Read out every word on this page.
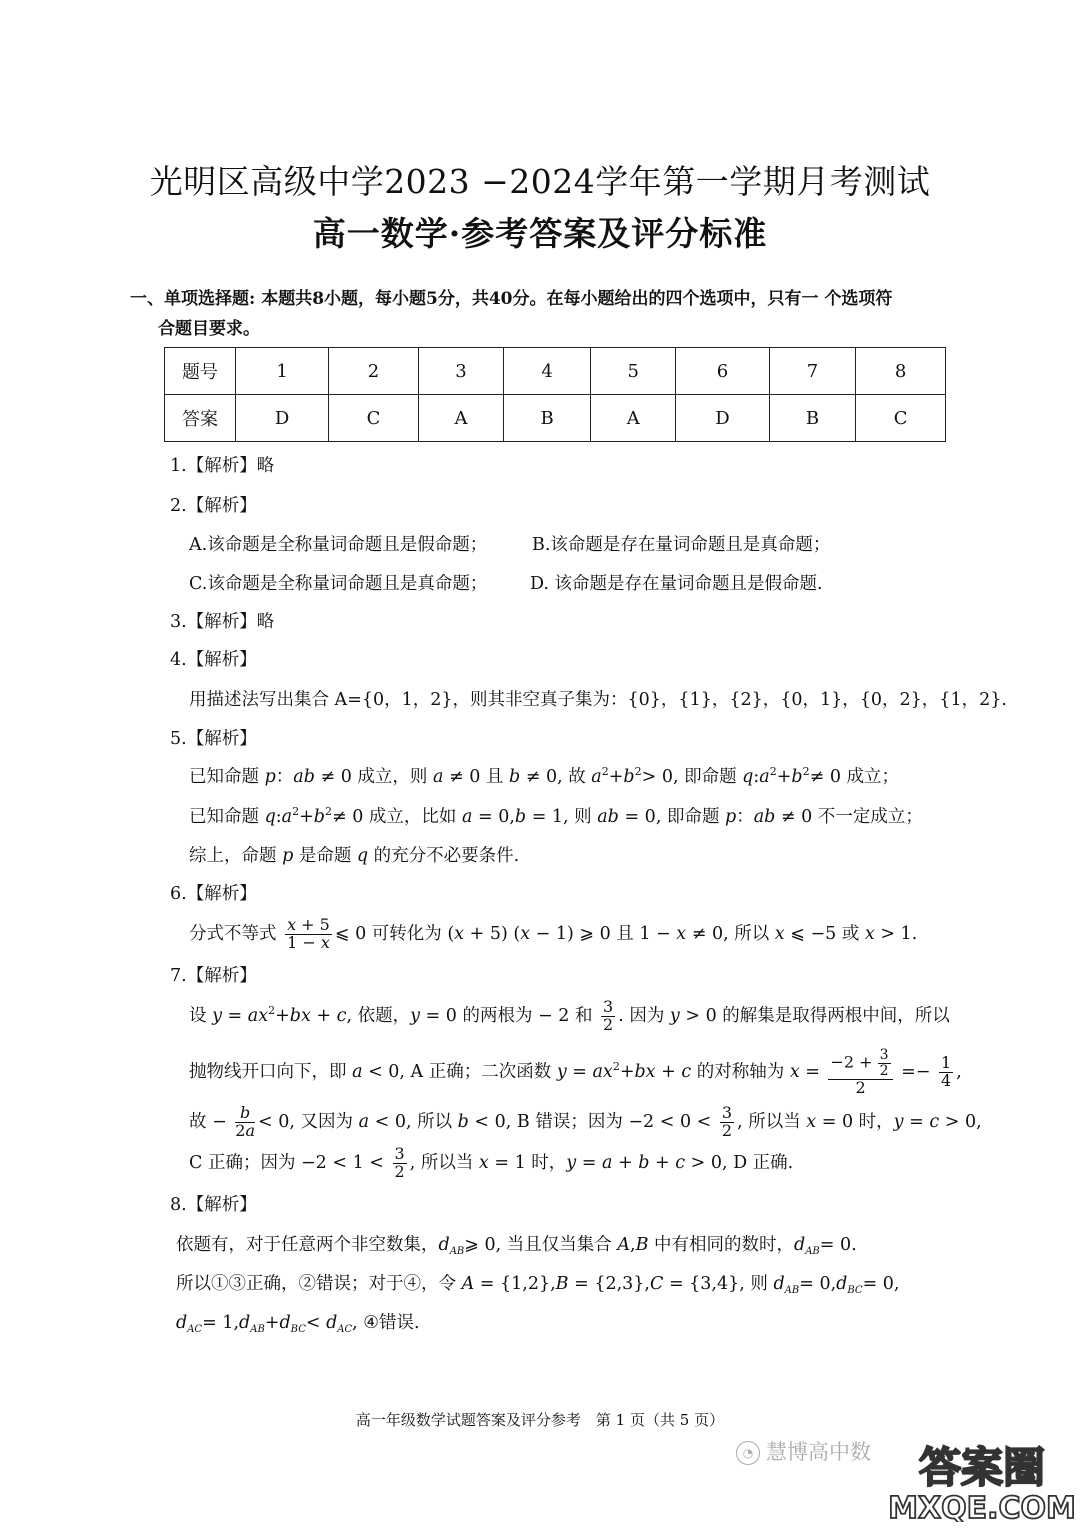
光明区高级中学2023 −2024学年第一学期月考测试
高一数学·参考答案及评分标准
一、单项选择题: 本题共8小题，每小题5分，共40分。在每小题给出的四个选项中，只有一 个选项符
合题目要求。
题号	1	2	3	4	5	6	7	8
答案	D	C	A	B	A	D	B	C
1.【解析】略
2.【解析】
A.该命题是全称量词命题且是假命题；	B.该命题是存在量词命题且是真命题；
C.该命题是全称量词命题且是真命题； D. 该命题是存在量词命题且是假命题.
3.【解析】略
4.【解析】
用描述法写出集合 A={0，1，2}，则其非空真子集为：{0}，{1}，{2}，{0，1}，{0，2}，{1，2}.
5.【解析】
已知命题 p：ab ≠ 0 成立，则 a ≠ 0 且 b ≠ 0, 故 $a^2+b^2> 0$, 即命题 $q:a^2+b^2\ne 0$ 成立；
已知命题 $q:a^2+b^2\ne 0$ 成立，比如 a = 0,b = 1, 则 ab = 0, 即命题 p：ab ≠ 0 不一定成立；
综上，命题 p 是命题 q 的充分不必要条件.
6.【解析】
分式不等式 $\frac{x + 5}{1 - x}$ ⩽ 0 可转化为 (x + 5) (x − 1) ⩾ 0 且 1 − x ≠ 0, 所以 x ⩽ −5 或 x > 1.
7.【解析】
设 $y = ax^2+bx + c$, 依题，y = 0 的两根为 − 2 和 $\frac{3}{2}$ . 因为 y > 0 的解集是取得两根中间，所以
抛物线开口向下，即 a < 0, A 正确；二次函数 $y = ax^2+bx + c$ 的对称轴为 $x = \frac{-2 + \frac{3}{2}}{2} =- \frac{1}{4}$ ,
故 − $\frac{b}{2a} < 0$, 又因为 a < 0, 所以 b < 0, B 错误；因为 $-2 < 0 < \frac{3}{2}$ , 所以当 x = 0 时，y = c > 0,
C 正确；因为 $-2 < 1 < \frac{3}{2}$ , 所以当 x = 1 时，y = a + b + c > 0, D 正确.
8.【解析】
依题有，对于任意两个非空数集，$d_{AB}⩾$ 0, 当且仅当集合 A,B 中有相同的数时，$d_{AB}= 0$.
所以①③正确，②错误；对于④，令 A = {1,2},B = {2,3},C = {3,4}, 则 $d_{AB}= 0,d_{BC}= 0$,
$d_{AC}= 1,d_{AB}+d_{BC}< d_{AC}$, ④错误.
高一年级数学试题答案及评分参考　第 1 页（共 5 页）
◔ 慧博高中数	答案圈
MXQE.COM
